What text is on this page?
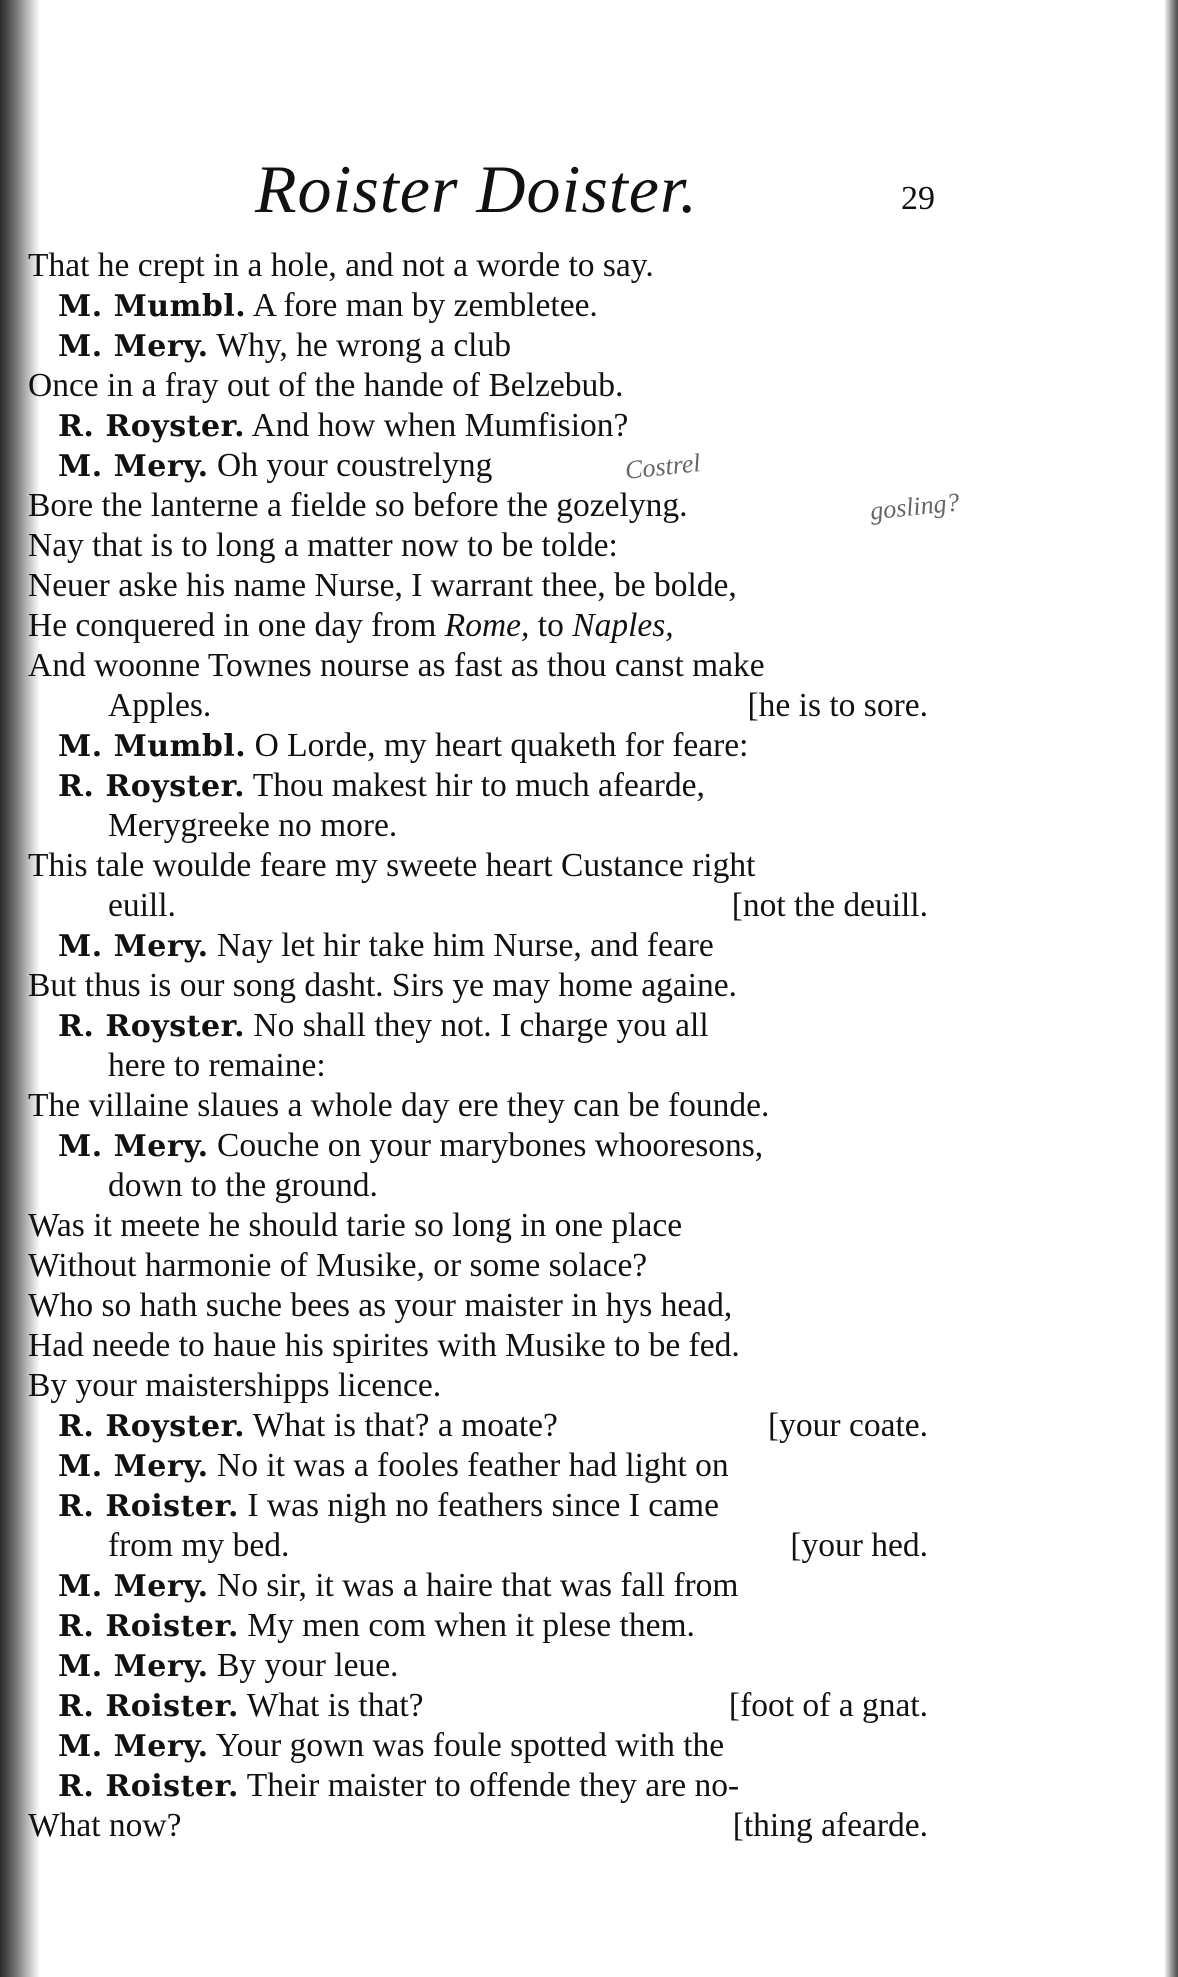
Roister Doister.	29
That he crept in a hole, and not a worde to say.
M. Mumbl. A fore man by zembletee.
M. Mery. Why, he wrong a club
Once in a fray out of the hande of Belzebub.
R. Royster. And how when Mumfision?
M. Mery. Oh your coustrelyng
Bore the lanterne a fielde so before the gozelyng.
Nay that is to long a matter now to be tolde:
Neuer aske his name Nurse, I warrant thee, be bolde,
He conquered in one day from Rome, to Naples,
And woonne Townes nourse as fast as thou canst make
Apples.	[he is to sore.
M. Mumbl. O Lorde, my heart quaketh for feare:
R. Royster. Thou makest hir to much afearde,
Merygreeke no more.
This tale woulde feare my sweete heart Custance right
euill.	[not the deuill.
M. Mery. Nay let hir take him Nurse, and feare
But thus is our song dasht. Sirs ye may home againe.
R. Royster. No shall they not. I charge you all
here to remaine:
The villaine slaues a whole day ere they can be founde.
M. Mery. Couche on your marybones whooresons,
down to the ground.
Was it meete he should tarie so long in one place
Without harmonie of Musike, or some solace?
Who so hath suche bees as your maister in hys head,
Had neede to haue his spirites with Musike to be fed.
By your maistershipps licence.
R. Royster. What is that? a moate?	[your coate.
M. Mery. No it was a fooles feather had light on
R. Roister. I was nigh no feathers since I came
from my bed.	[your hed.
M. Mery. No sir, it was a haire that was fall from
R. Roister. My men com when it plese them.
M. Mery. By your leue.
R. Roister. What is that?	[foot of a gnat.
M. Mery. Your gown was foule spotted with the
R. Roister. Their maister to offende they are no-
What now?	[thing afearde.
Costrel
gosling?
